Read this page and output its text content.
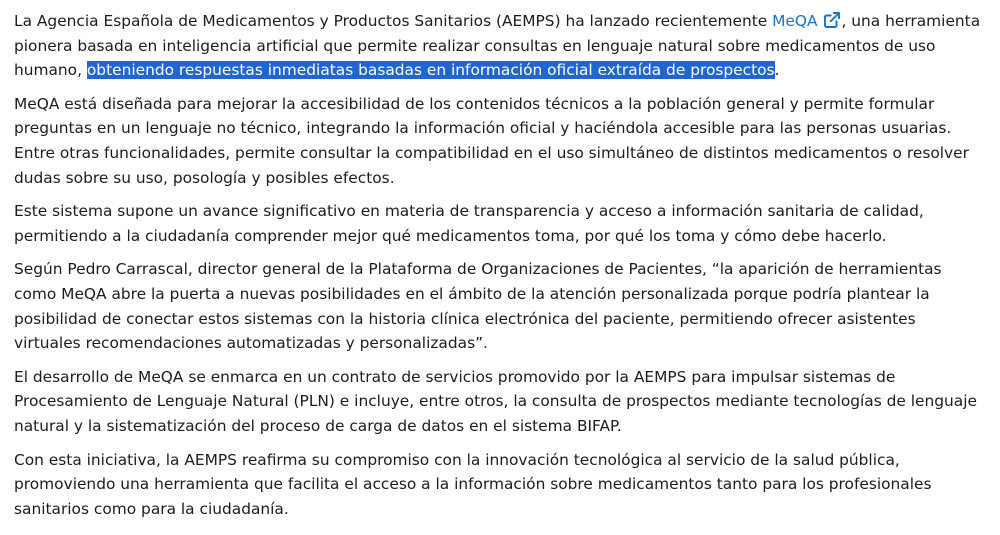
La Agencia Española de Medicamentos y Productos Sanitarios (AEMPS) ha lanzado recientemente MeQA , una herramienta pionera basada en inteligencia artificial que permite realizar consultas en lenguaje natural sobre medicamentos de uso humano, obteniendo respuestas inmediatas basadas en información oficial extraída de prospectos.

MeQA está diseñada para mejorar la accesibilidad de los contenidos técnicos a la población general y permite formular preguntas en un lenguaje no técnico, integrando la información oficial y haciéndola accesible para las personas usuarias. Entre otras funcionalidades, permite consultar la compatibilidad en el uso simultáneo de distintos medicamentos o resolver dudas sobre su uso, posología y posibles efectos.

Este sistema supone un avance significativo en materia de transparencia y acceso a información sanitaria de calidad, permitiendo a la ciudadanía comprender mejor qué medicamentos toma, por qué los toma y cómo debe hacerlo.

Según Pedro Carrascal, director general de la Plataforma de Organizaciones de Pacientes, “la aparición de herramientas como MeQA abre la puerta a nuevas posibilidades en el ámbito de la atención personalizada porque podría plantear la posibilidad de conectar estos sistemas con la historia clínica electrónica del paciente, permitiendo ofrecer asistentes virtuales recomendaciones automatizadas y personalizadas”.

El desarrollo de MeQA se enmarca en un contrato de servicios promovido por la AEMPS para impulsar sistemas de Procesamiento de Lenguaje Natural (PLN) e incluye, entre otros, la consulta de prospectos mediante tecnologías de lenguaje natural y la sistematización del proceso de carga de datos en el sistema BIFAP.

Con esta iniciativa, la AEMPS reafirma su compromiso con la innovación tecnológica al servicio de la salud pública, promoviendo una herramienta que facilita el acceso a la información sobre medicamentos tanto para los profesionales sanitarios como para la ciudadanía.
